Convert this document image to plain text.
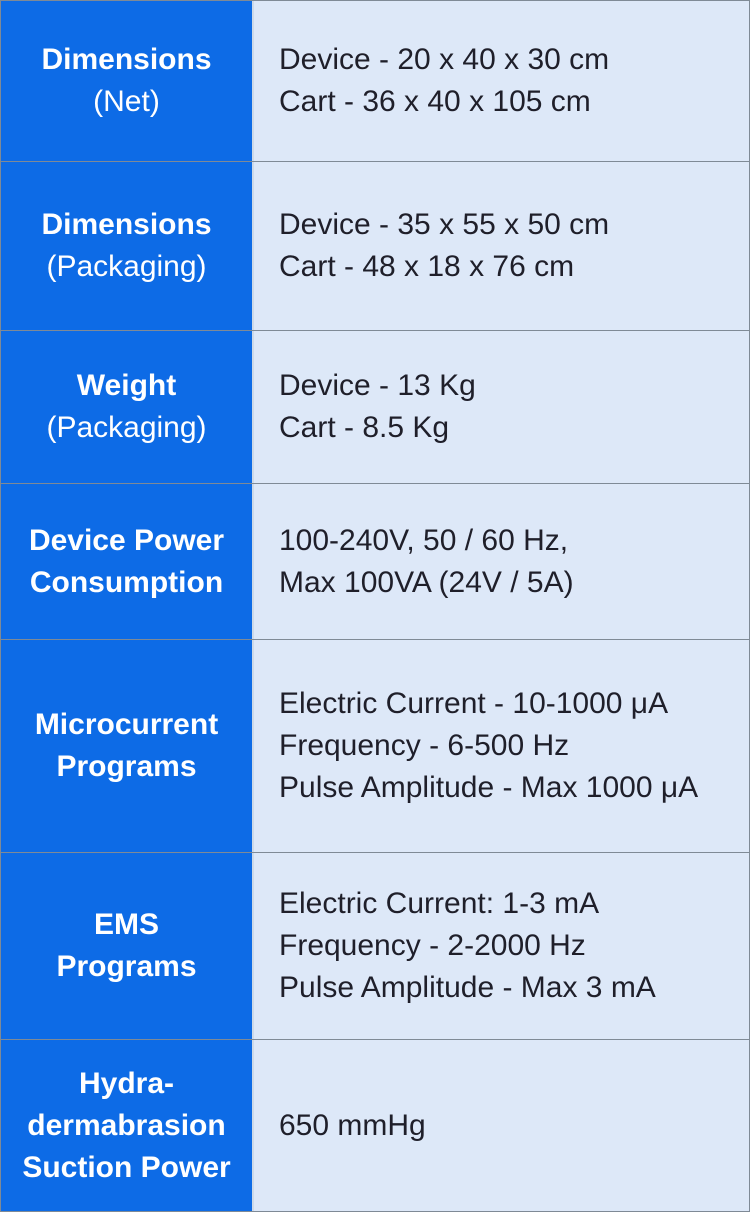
Dimensions
(Net)
Device - 20 x 40 x 30 cm
Cart - 36 x 40 x 105 cm
Dimensions
(Packaging)
Device - 35 x 55 x 50 cm
Cart - 48 x 18 x 76 cm
Weight
(Packaging)
Device - 13 Kg
Cart - 8.5 Kg
Device Power
Consumption
100-240V, 50 / 60 Hz,
Max 100VA (24V / 5A)
Microcurrent
Programs
Electric Current - 10-1000 μA
Frequency - 6-500 Hz
Pulse Amplitude - Max 1000 μA
EMS
Programs
Electric Current: 1-3 mA
Frequency - 2-2000 Hz
Pulse Amplitude - Max 3 mA
Hydra-
dermabrasion
Suction Power
650 mmHg
